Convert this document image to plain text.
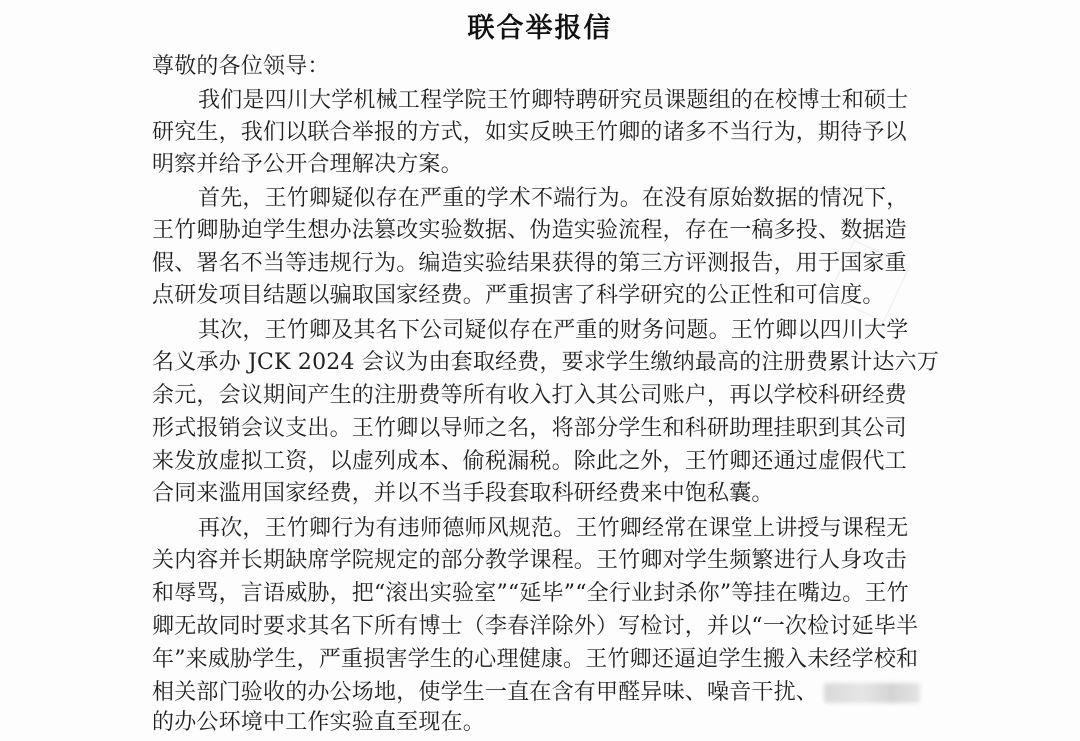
联合举报信
尊敬的各位领导：
我们是四川大学机械工程学院王竹卿特聘研究员课题组的在校博士和硕士
研究生，我们以联合举报的方式，如实反映王竹卿的诸多不当行为，期待予以
明察并给予公开合理解决方案。
首先，王竹卿疑似存在严重的学术不端行为。在没有原始数据的情况下，
王竹卿胁迫学生想办法篡改实验数据、伪造实验流程，存在一稿多投、数据造
假、署名不当等违规行为。编造实验结果获得的第三方评测报告，用于国家重
点研发项目结题以骗取国家经费。严重损害了科学研究的公正性和可信度。
其次，王竹卿及其名下公司疑似存在严重的财务问题。王竹卿以四川大学
名义承办 JCK 2024 会议为由套取经费，要求学生缴纳最高的注册费累计达六万
余元，会议期间产生的注册费等所有收入打入其公司账户，再以学校科研经费
形式报销会议支出。王竹卿以导师之名，将部分学生和科研助理挂职到其公司
来发放虚拟工资，以虚列成本、偷税漏税。除此之外，王竹卿还通过虚假代工
合同来滥用国家经费，并以不当手段套取科研经费来中饱私囊。
再次，王竹卿行为有违师德师风规范。王竹卿经常在课堂上讲授与课程无
关内容并长期缺席学院规定的部分教学课程。王竹卿对学生频繁进行人身攻击
和辱骂，言语威胁，把“滚出实验室”“延毕”“全行业封杀你”等挂在嘴边。王竹
卿无故同时要求其名下所有博士（李春洋除外）写检讨，并以“一次检讨延毕半
年”来威胁学生，严重损害学生的心理健康。王竹卿还逼迫学生搬入未经学校和
相关部门验收的办公场地，使学生一直在含有甲醛异味、噪音干扰、
的办公环境中工作实验直至现在。
